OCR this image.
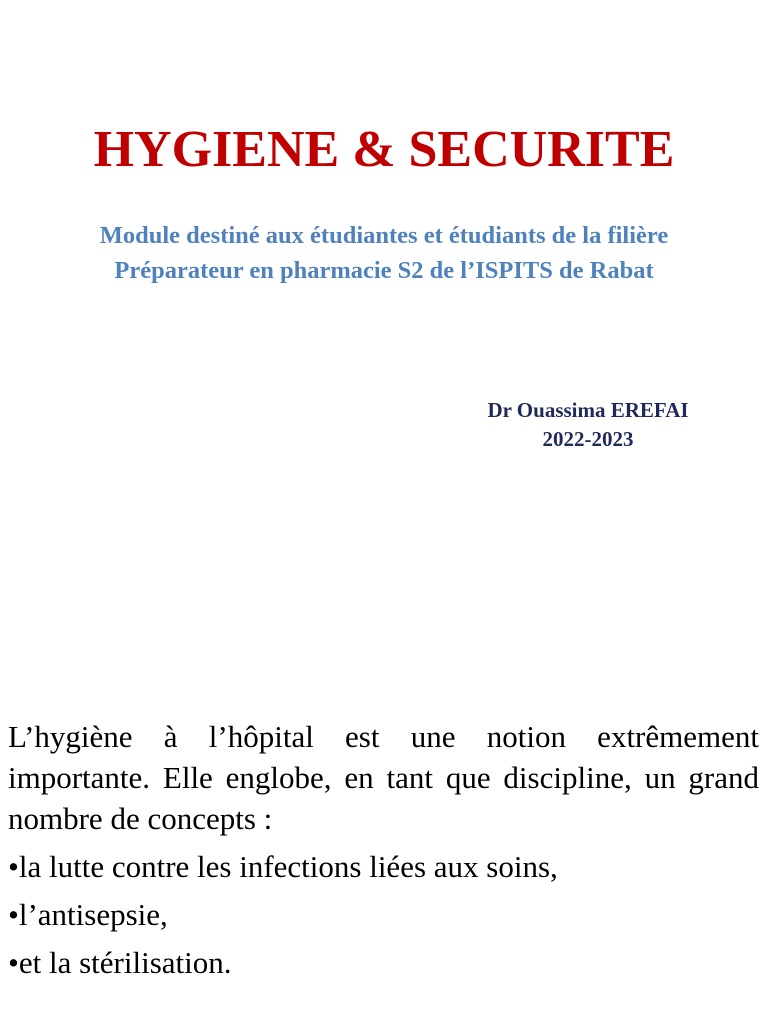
HYGIENE & SECURITE
Module destiné aux étudiantes et étudiants de la filière
Préparateur en pharmacie S2 de l’ISPITS de Rabat
Dr Ouassima EREFAI
2022-2023

L’hygiène à l’hôpital est une notion extrêmement importante. Elle englobe, en tant que discipline, un grand nombre de concepts :

•la lutte contre les infections liées aux soins,
•l’antisepsie,
•et la stérilisation.
